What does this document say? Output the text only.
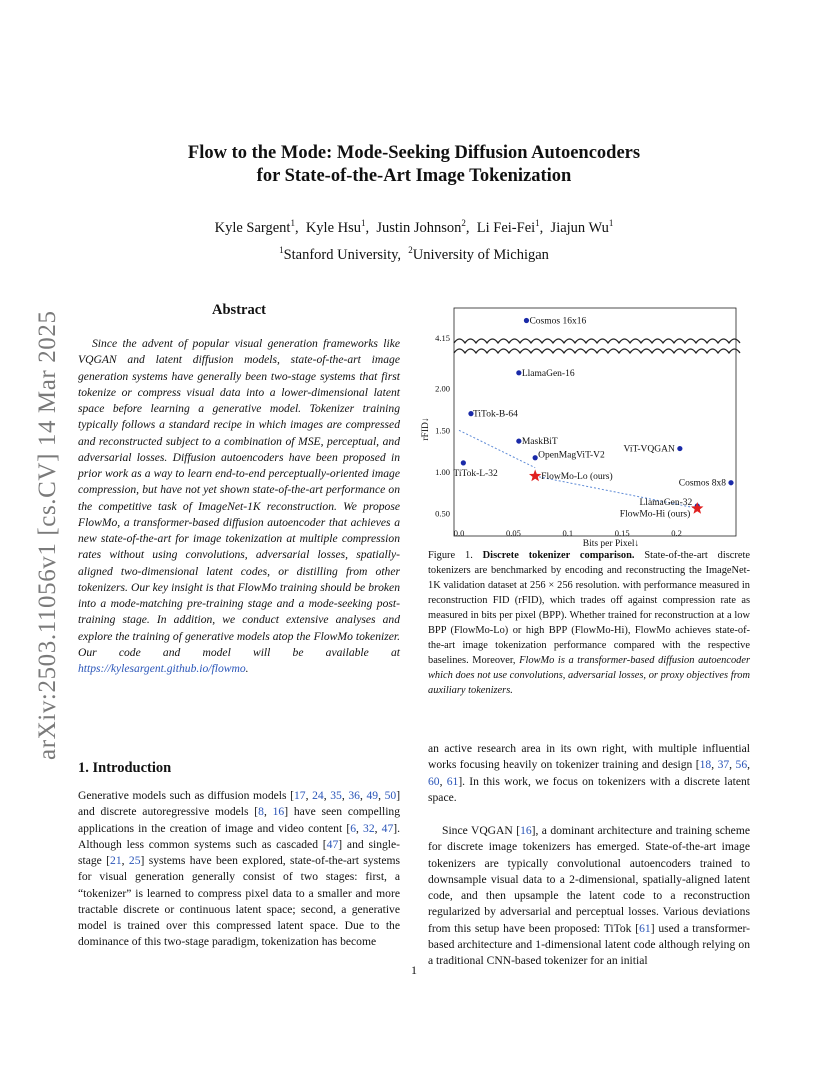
arXiv:2503.11056v1 [cs.CV] 14 Mar 2025
Flow to the Mode: Mode-Seeking Diffusion Autoencoders
for State-of-the-Art Image Tokenization
Kyle Sargent$^1$, Kyle Hsu$^1$, Justin Johnson$^2$, Li Fei-Fei$^1$, Jiajun Wu$^1$
$^1$Stanford University, $^2$University of Michigan
Abstract
Since the advent of popular visual generation frameworks like VQGAN and latent diffusion models, state-of-the-art image generation systems have generally been two-stage systems that first tokenize or compress visual data into a lower-dimensional latent space before learning a generative model. Tokenizer training typically follows a standard recipe in which images are compressed and reconstructed subject to a combination of MSE, perceptual, and adversarial losses. Diffusion autoencoders have been proposed in prior work as a way to learn end-to-end perceptually-oriented image compression, but have not yet shown state-of-the-art performance on the competitive task of ImageNet-1K reconstruction. We propose FlowMo, a transformer-based diffusion autoencoder that achieves a new state-of-the-art for image tokenization at multiple compression rates without using convolutions, adversarial losses, spatially-aligned two-dimensional latent codes, or distilling from other tokenizers. Our key insight is that FlowMo training should be broken into a mode-matching pre-training stage and a mode-seeking post-training stage. In addition, we conduct extensive analyses and explore the training of generative models atop the FlowMo tokenizer. Our code and model will be available at https://kylesargent.github.io/flowmo.
1. Introduction
Generative models such as diffusion models [17, 24, 35, 36, 49, 50] and discrete autoregressive models [8, 16] have seen compelling applications in the creation of image and video content [6, 32, 47]. Although less common systems such as cascaded [47] and single-stage [21, 25] systems have been explored, state-of-the-art systems for visual generation generally consist of two stages: first, a “tokenizer” is learned to compress pixel data to a smaller and more tractable discrete or continuous latent space; second, a generative model is trained over this compressed latent space. Due to the dominance of this two-stage paradigm, tokenization has become
an active research area in its own right, with multiple influential works focusing heavily on tokenizer training and design [18, 37, 56, 60, 61]. In this work, we focus on tokenizers with a discrete latent space.
Since VQGAN [16], a dominant architecture and training scheme for discrete image tokenizers has emerged. State-of-the-art image tokenizers are typically convolutional autoencoders trained to downsample visual data to a 2-dimensional, spatially-aligned latent code, and then upsample the latent code to a reconstruction regularized by adversarial and perceptual losses. Various deviations from this setup have been proposed: TiTok [61] used a transformer-based architecture and 1-dimensional latent code although relying on a traditional CNN-based tokenizer for an initial
0.50
1.00
1.50
2.00
4.15
0.0	0.05	0.1	0.15	0.2
Bits per Pixel↓
rFID↓
Cosmos 16x16
TiTok-L-32
LlamaGen-16
TiTok-B-64
MaskBiT
OpenMagViT-V2
FlowMo-Lo (ours)
ViT-VQGAN
Cosmos 8x8
LlamaGen-32
FlowMo-Hi (ours)
Figure 1. Discrete tokenizer comparison. State-of-the-art discrete tokenizers are benchmarked by encoding and reconstructing the ImageNet-1K validation dataset at 256 × 256 resolution. with performance measured in reconstruction FID (rFID), which trades off against compression rate as measured in bits per pixel (BPP). Whether trained for reconstruction at a low BPP (FlowMo-Lo) or high BPP (FlowMo-Hi), FlowMo achieves state-of-the-art image tokenization performance compared with the respective baselines. Moreover, FlowMo is a transformer-based diffusion autoencoder which does not use convolutions, adversarial losses, or proxy objectives from auxiliary tokenizers.
1
